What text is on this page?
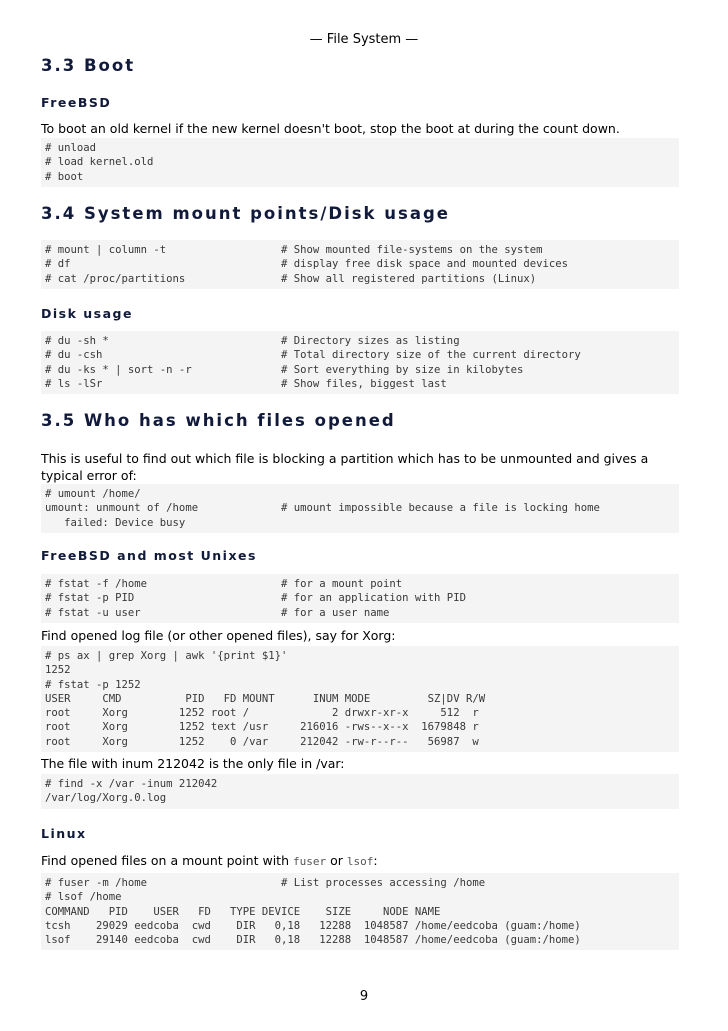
— File System —
3.3 Boot
FreeBSD
To boot an old kernel if the new kernel doesn't boot, stop the boot at during the count down.
# unload
# load kernel.old
# boot
3.4 System mount points/Disk usage
# mount | column -t                  # Show mounted file-systems on the system
# df                                 # display free disk space and mounted devices
# cat /proc/partitions               # Show all registered partitions (Linux)
Disk usage
# du -sh *                           # Directory sizes as listing
# du -csh                            # Total directory size of the current directory
# du -ks * | sort -n -r              # Sort everything by size in kilobytes
# ls -lSr                            # Show files, biggest last
3.5 Who has which files opened
This is useful to find out which file is blocking a partition which has to be unmounted and gives a typical error of:
# umount /home/
umount: unmount of /home             # umount impossible because a file is locking home
failed: Device busy
FreeBSD and most Unixes
# fstat -f /home                     # for a mount point
# fstat -p PID                       # for an application with PID
# fstat -u user                      # for a user name
Find opened log file (or other opened files), say for Xorg:
# ps ax | grep Xorg | awk '{print $1}'
1252
# fstat -p 1252
USER     CMD          PID   FD MOUNT      INUM MODE         SZ|DV R/W
root     Xorg        1252 root /             2 drwxr-xr-x     512  r
root     Xorg        1252 text /usr     216016 -rws--x--x  1679848 r
root     Xorg        1252    0 /var     212042 -rw-r--r--   56987  w
The file with inum 212042 is the only file in /var:
# find -x /var -inum 212042
/var/log/Xorg.0.log
Linux
Find opened files on a mount point with fuser or lsof:
# fuser -m /home                     # List processes accessing /home
# lsof /home
COMMAND   PID    USER   FD   TYPE DEVICE    SIZE     NODE NAME
tcsh    29029 eedcoba  cwd    DIR   0,18   12288  1048587 /home/eedcoba (guam:/home)
lsof    29140 eedcoba  cwd    DIR   0,18   12288  1048587 /home/eedcoba (guam:/home)
9
